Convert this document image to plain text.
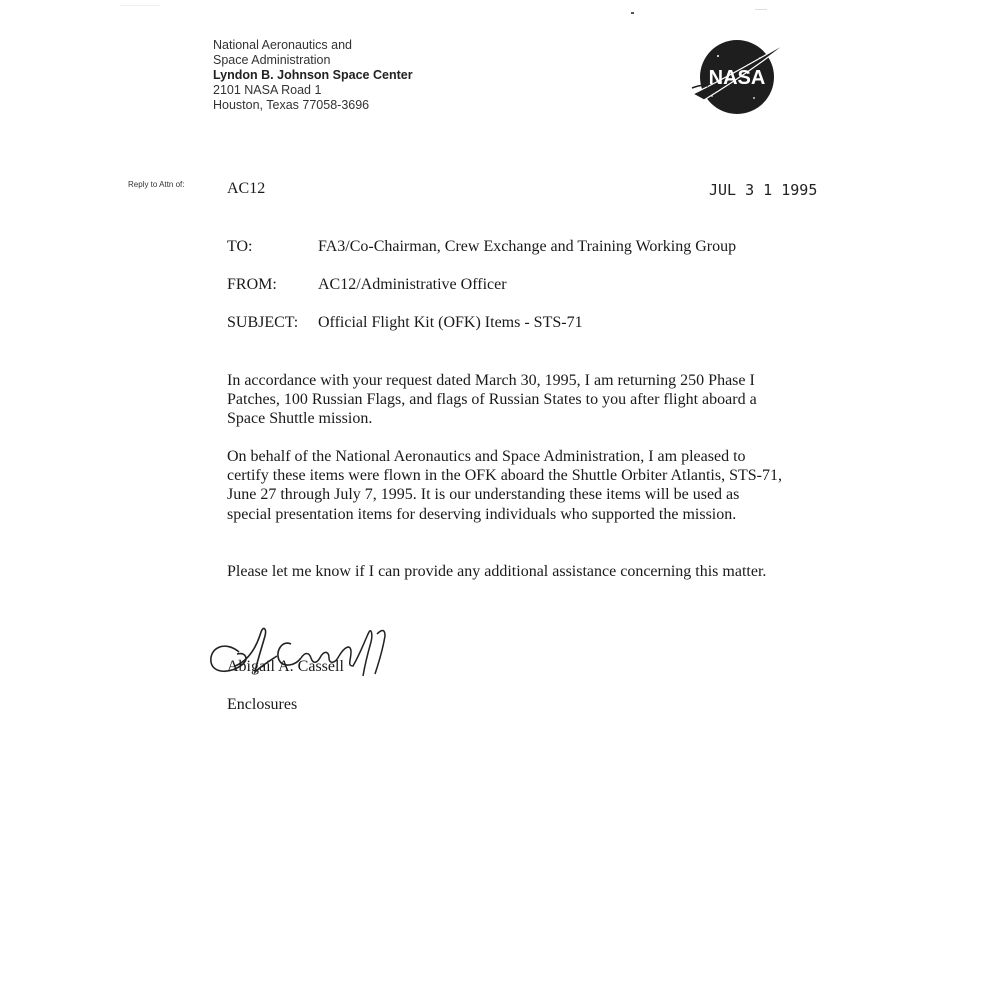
National Aeronautics and
Space Administration
Lyndon B. Johnson Space Center
2101 NASA Road 1
Houston, Texas 77058-3696
NASA
Reply to Attn of:	AC12	JUL 3 1 1995
TO:	FA3/Co-Chairman, Crew Exchange and Training Working Group
FROM:	AC12/Administrative Officer
SUBJECT: Official Flight Kit (OFK) Items - STS-71

In accordance with your request dated March 30, 1995, I am returning 250 Phase I Patches, 100 Russian Flags, and flags of Russian States to you after flight aboard a Space Shuttle mission.

On behalf of the National Aeronautics and Space Administration, I am pleased to certify these items were flown in the OFK aboard the Shuttle Orbiter Atlantis, STS-71, June 27 through July 7, 1995. It is our understanding these items will be used as special presentation items for deserving individuals who supported the mission.

Please let me know if I can provide any additional assistance concerning this matter.

Abigail A. Cassell
Enclosures
